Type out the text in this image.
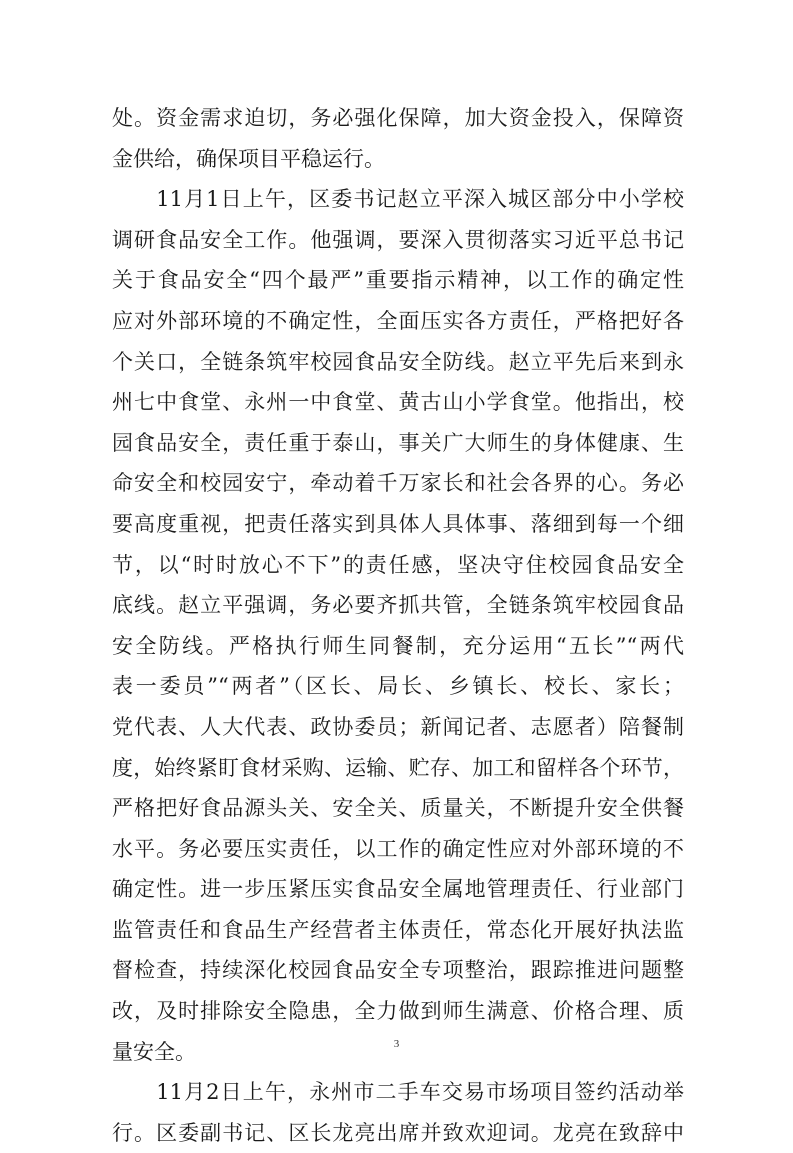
处。资金需求迫切，务必强化保障，加大资金投入，保障资
金供给，确保项目平稳运行。
　　11月1日上午，区委书记赵立平深入城区部分中小学校
调研食品安全工作。他强调，要深入贯彻落实习近平总书记
关于食品安全“四个最严”重要指示精神，以工作的确定性
应对外部环境的不确定性，全面压实各方责任，严格把好各
个关口，全链条筑牢校园食品安全防线。赵立平先后来到永
州七中食堂、永州一中食堂、黄古山小学食堂。他指出，校
园食品安全，责任重于泰山，事关广大师生的身体健康、生
命安全和校园安宁，牵动着千万家长和社会各界的心。务必
要高度重视，把责任落实到具体人具体事、落细到每一个细
节，以“时时放心不下”的责任感，坚决守住校园食品安全
底线。赵立平强调，务必要齐抓共管，全链条筑牢校园食品
安全防线。严格执行师生同餐制，充分运用“五长”“两代
表一委员”“两者”（区长、局长、乡镇长、校长、家长；
党代表、人大代表、政协委员；新闻记者、志愿者）陪餐制
度，始终紧盯食材采购、运输、贮存、加工和留样各个环节，
严格把好食品源头关、安全关、质量关，不断提升安全供餐
水平。务必要压实责任，以工作的确定性应对外部环境的不
确定性。进一步压紧压实食品安全属地管理责任、行业部门
监管责任和食品生产经营者主体责任，常态化开展好执法监
督检查，持续深化校园食品安全专项整治，跟踪推进问题整
改，及时排除安全隐患，全力做到师生满意、价格合理、质
量安全。
　　11月2日上午，永州市二手车交易市场项目签约活动举
行。区委副书记、区长龙亮出席并致欢迎词。龙亮在致辞中
3
